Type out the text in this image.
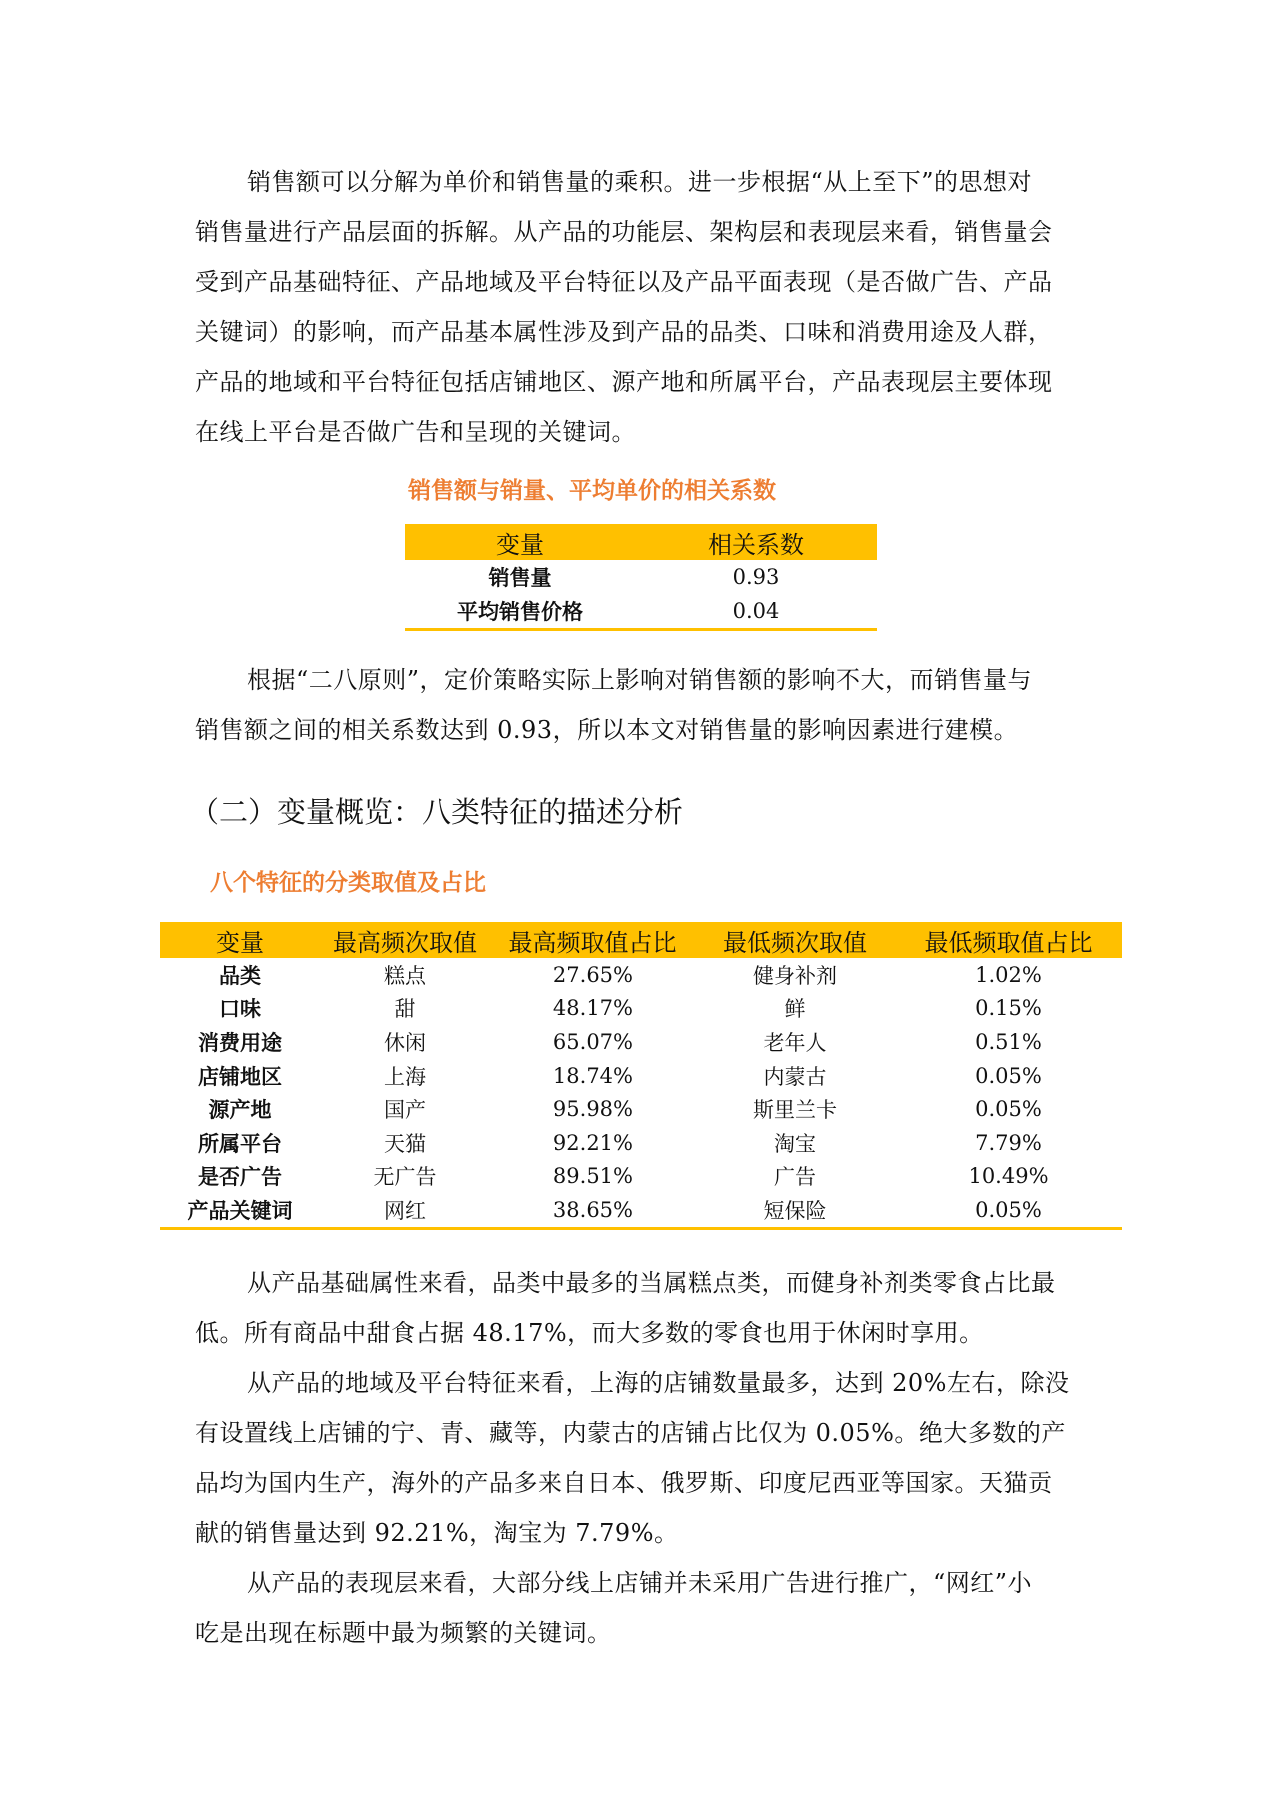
销售额可以分解为单价和销售量的乘积。进一步根据“从上至下”的思想对
销售量进行产品层面的拆解。从产品的功能层、架构层和表现层来看，销售量会
受到产品基础特征、产品地域及平台特征以及产品平面表现（是否做广告、产品
关键词）的影响，而产品基本属性涉及到产品的品类、口味和消费用途及人群，
产品的地域和平台特征包括店铺地区、源产地和所属平台，产品表现层主要体现
在线上平台是否做广告和呈现的关键词。
销售额与销量、平均单价的相关系数
变量	相关系数
销售量	0.93
平均销售价格	0.04
根据“二八原则”，定价策略实际上影响对销售额的影响不大，而销售量与
销售额之间的相关系数达到 0.93，所以本文对销售量的影响因素进行建模。
（二）变量概览：八类特征的描述分析
八个特征的分类取值及占比
变量	最高频次取值	最高频取值占比	最低频次取值	最低频取值占比
品类	糕点	27.65%	健身补剂	1.02%
口味	甜	48.17%	鲜	0.15%
消费用途	休闲	65.07%	老年人	0.51%
店铺地区	上海	18.74%	内蒙古	0.05%
源产地	国产	95.98%	斯里兰卡	0.05%
所属平台	天猫	92.21%	淘宝	7.79%
是否广告	无广告	89.51%	广告	10.49%
产品关键词	网红	38.65%	短保险	0.05%
从产品基础属性来看，品类中最多的当属糕点类，而健身补剂类零食占比最
低。所有商品中甜食占据 48.17%，而大多数的零食也用于休闲时享用。
从产品的地域及平台特征来看，上海的店铺数量最多，达到 20%左右，除没
有设置线上店铺的宁、青、藏等，内蒙古的店铺占比仅为 0.05%。绝大多数的产
品均为国内生产，海外的产品多来自日本、俄罗斯、印度尼西亚等国家。天猫贡
献的销售量达到 92.21%，淘宝为 7.79%。
从产品的表现层来看，大部分线上店铺并未采用广告进行推广，“网红”小
吃是出现在标题中最为频繁的关键词。
